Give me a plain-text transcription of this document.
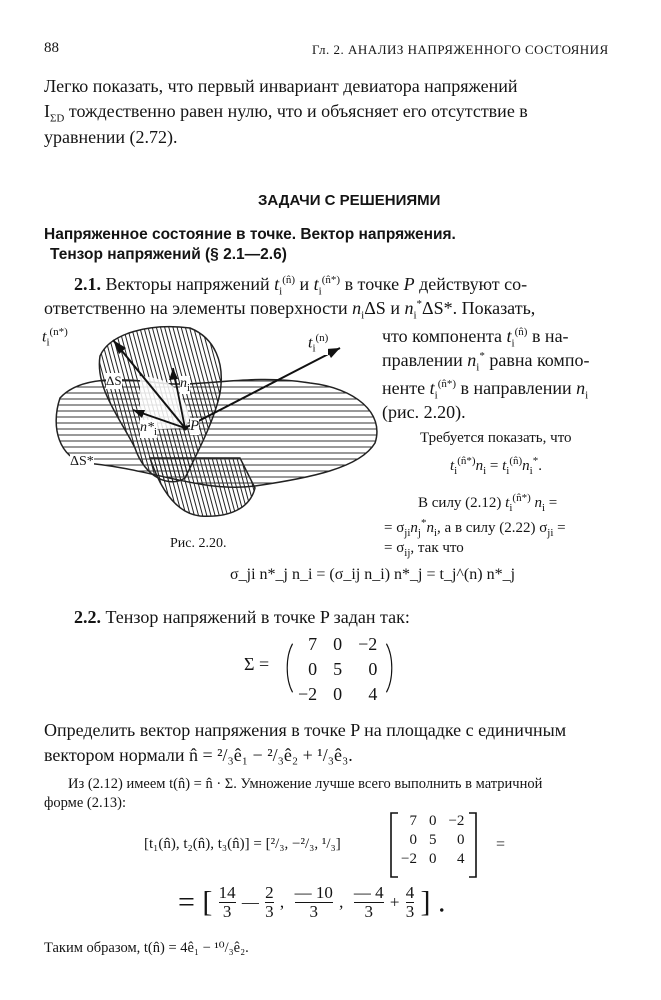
88	Гл. 2. АНАЛИЗ НАПРЯЖЕННОГО СОСТОЯНИЯ
Легко показать, что первый инвариант девиатора напряжений
$I_{\Sigma D}$ тождественно равен нулю, что и объясняет его отсутствие в
уравнении (2.72).
ЗАДАЧИ С РЕШЕНИЯМИ
Напряженное состояние в точке. Вектор напряжения.
Тензор напряжений (§ 2.1—2.6)
2.1. Векторы напряжений $t_i^{(n̂)}$ и $t_i^{(n̂*)}$ в точке P действуют со-
ответственно на элементы поверхности $n_i\Delta S$ и $n_i^*\Delta S*$. Показать,
что компонента $t_i^{(n̂)}$ в на-
правлении $n_i^*$ равна компо-
ненте $t_i^{(n̂*)}$ в направлении $n_i$
(рис. 2.20).
Требуется показать, что
$t_i^{(n̂*)}n_i = t_i^{(n̂)}n_i^*$.
В силу (2.12) $t_i^{(n̂*)}$ $n_i$ =
= $\sigma_{ji}n_j^*n_i$, а в силу (2.22) $\sigma_{ji}$ =
= $\sigma_{ij}$, так что
$t_i^{(n*)}$
$t_i^{(n)}$
ΔS	$n_i$
$n*_i$ P
ΔS*
Рис. 2.20.
σ_ji n*_j n_i = (σ_ij n_i) n*_j = t_j^(n) n*_j
2.2. Тензор напряжений в точке P задан так:
Σ =
7	0	−2
0	5	0
−2	0	4
Определить вектор напряжения в точке P на площадке с единичным
вектором нормали n̂ = ²/₃ê₁ − ²/₃ê₂ + ¹/₃ê₃.
Из (2.12) имеем t(n̂) = n̂ · Σ. Умножение лучше всего выполнить в матричной
форме (2.13):
[t₁(n̂), t₂(n̂), t₃(n̂)] = [²/₃, −²/₃, ¹/₃]
7	0	−2
0	5	0
−2	0	4
=
= [ $\frac{14}{3}$ — $\frac{2}{3}$ , $\frac{— 10}{3}$ , $\frac{— 4}{3} + \frac{4}{3}$ ] .
Таким образом, t(n̂) = 4ê₁ − ¹⁰/₃ê₂.
